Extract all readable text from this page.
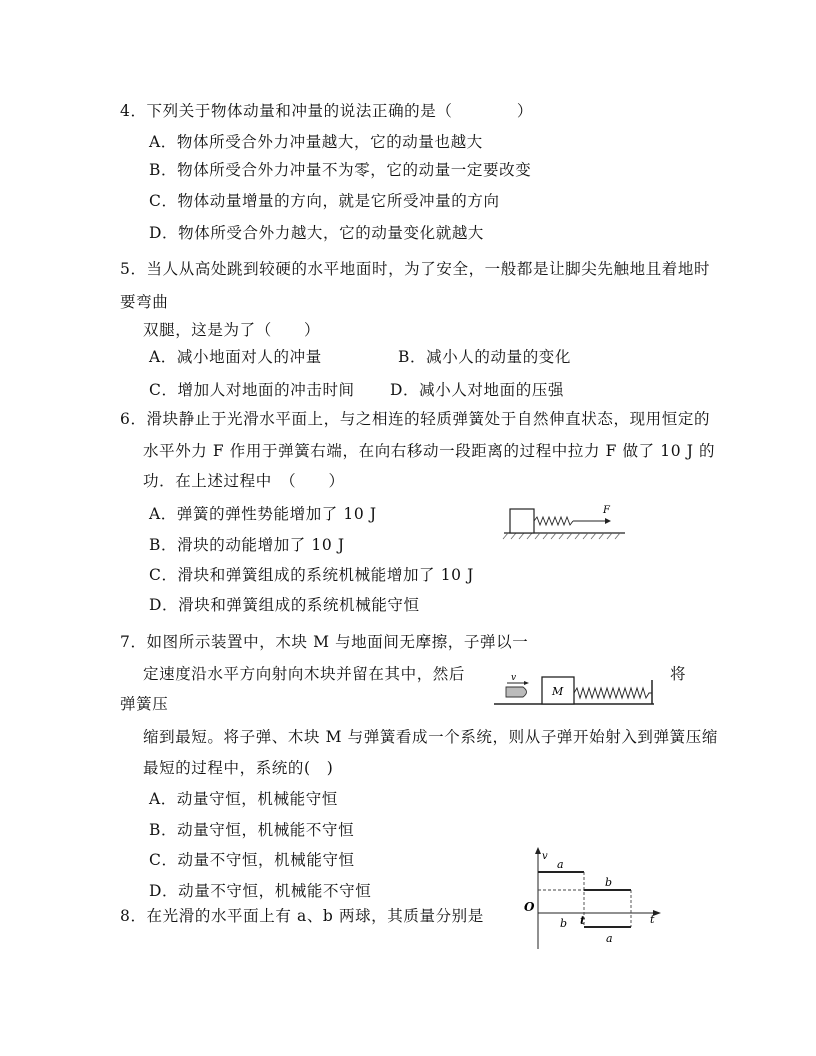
4．下列关于物体动量和冲量的说法正确的是（　　　　）
A．物体所受合外力冲量越大，它的动量也越大
B．物体所受合外力冲量不为零，它的动量一定要改变
C．物体动量增量的方向，就是它所受冲量的方向
D．物体所受合外力越大，它的动量变化就越大
5．当人从高处跳到较硬的水平地面时，为了安全，一般都是让脚尖先触地且着地时
要弯曲
双腿，这是为了（　　）
A．减小地面对人的冲量	B．减小人的动量的变化
C．增加人对地面的冲击时间 D．减小人对地面的压强
6．滑块静止于光滑水平面上，与之相连的轻质弹簧处于自然伸直状态，现用恒定的
水平外力 F 作用于弹簧右端，在向右移动一段距离的过程中拉力 F 做了 10 J 的
功．在上述过程中　（　　）
A．弹簧的弹性势能增加了 10 J
B．滑块的动能增加了 10 J
C．滑块和弹簧组成的系统机械能增加了 10 J
D．滑块和弹簧组成的系统机械能守恒
F
7．如图所示装置中，木块 M 与地面间无摩擦，子弹以一
定速度沿水平方向射向木块并留在其中，然后	将
弹簧压
缩到最短。将子弹、木块 M 与弹簧看成一个系统，则从子弹开始射入到弹簧压缩
最短的过程中，系统的(　)
A．动量守恒，机械能守恒
B．动量守恒，机械能不守恒
C．动量不守恒，机械能守恒
D．动量不守恒，机械能不守恒
v
M
8．在光滑的水平面上有 a、b 两球，其质量分别是
v
O
t
a
b
b t
a
